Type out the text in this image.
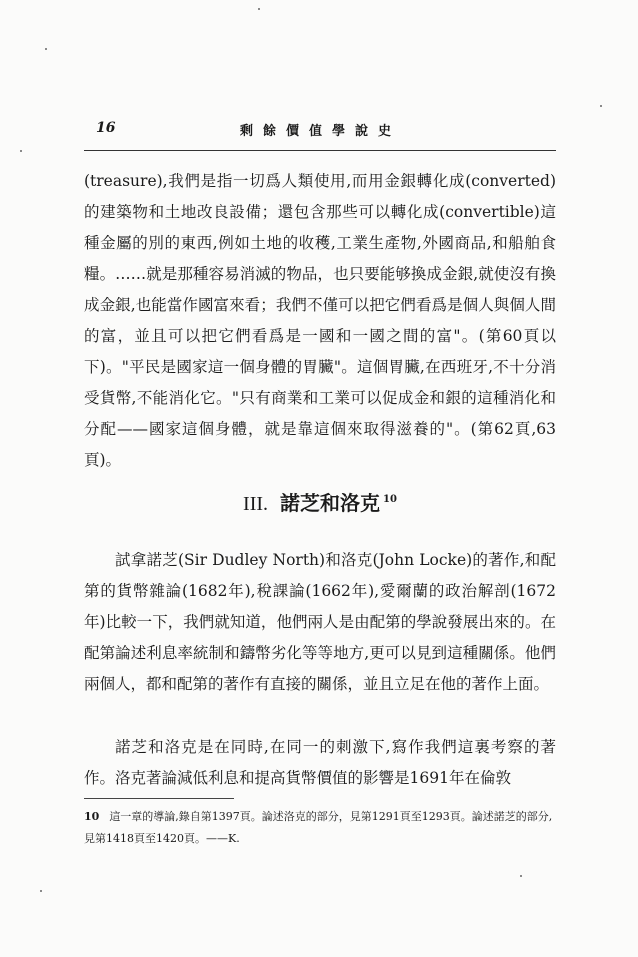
16	剩餘價值學說史

(treasure),我們是指一切爲人類使用,而用金銀轉化成(converted)的建築物和土地改良設備；還包含那些可以轉化成(convertible)這種金屬的別的東西,例如土地的收穫,工業生產物,外國商品,和船舶食糧。……就是那種容易消滅的物品，也只要能够換成金銀,就使沒有換成金銀,也能當作國富來看；我們不僅可以把它們看爲是個人與個人間的富，並且可以把它們看爲是一國和一國之間的富"。(第60頁以下)。"平民是國家這一個身體的胃臟"。這個胃臟,在西班牙,不十分消受貨幣,不能消化它。"只有商業和工業可以促成金和銀的這種消化和分配——國家這個身體，就是靠這個來取得滋養的"。(第62頁,63頁)。

III. 諾芝和洛克 $^{10}$

試拿諾芝(Sir Dudley North)和洛克(John Locke)的著作,和配第的貨幣雜論(1682年),稅課論(1662年),愛爾蘭的政治解剖(1672年)比較一下，我們就知道，他們兩人是由配第的學說發展出來的。在配第論述利息率統制和鑄幣劣化等等地方,更可以見到這種關係。他們兩個人，都和配第的著作有直接的關係，並且立足在他的著作上面。

諾芝和洛克是在同時,在同一的刺激下,寫作我們這裏考察的著作。洛克著論減低利息和提高貨幣價值的影響是1691年在倫敦

10 這一章的導論,錄自第1397頁。論述洛克的部分，見第1291頁至1293頁。論述諾芝的部分,見第1418頁至1420頁。——K.
